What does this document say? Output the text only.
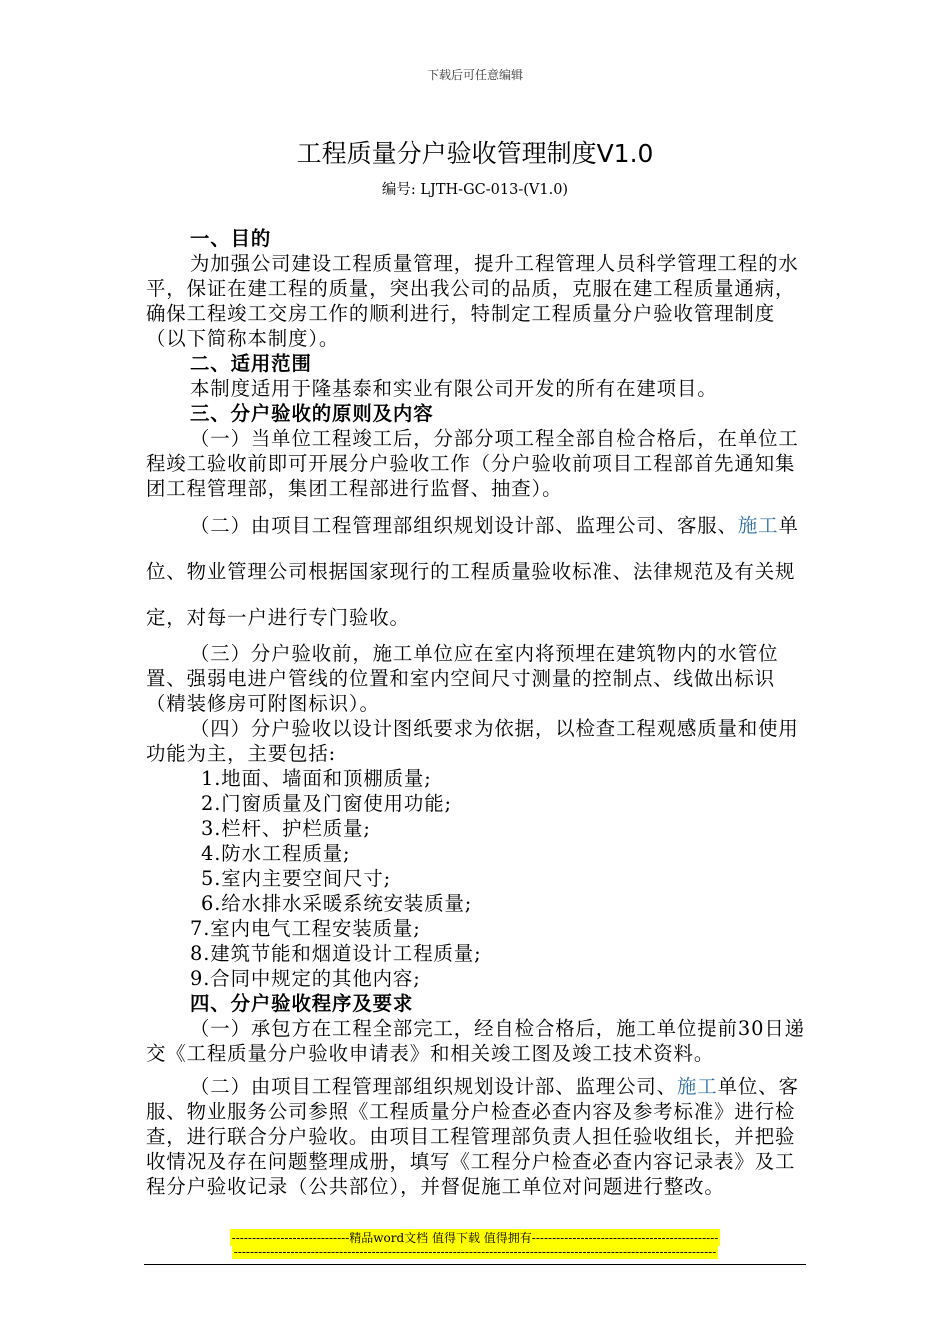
下载后可任意编辑
工程质量分户验收管理制度V1.0
编号: LJTH-GC-013-(V1.0)

一、目的

为加强公司建设工程质量管理，提升工程管理人员科学管理工程的水平，保证在建工程的质量，突出我公司的品质，克服在建工程质量通病，确保工程竣工交房工作的顺利进行，特制定工程质量分户验收管理制度（以下简称本制度）。

二、适用范围

本制度适用于隆基泰和实业有限公司开发的所有在建项目。

三、分户验收的原则及内容

（一）当单位工程竣工后，分部分项工程全部自检合格后，在单位工程竣工验收前即可开展分户验收工作（分户验收前项目工程部首先通知集团工程管理部，集团工程部进行监督、抽查）。

（二）由项目工程管理部组织规划设计部、监理公司、客服、施工单位、物业管理公司根据国家现行的工程质量验收标准、法律规范及有关规定，对每一户进行专门验收。

（三）分户验收前，施工单位应在室内将预埋在建筑物内的水管位置、强弱电进户管线的位置和室内空间尺寸测量的控制点、线做出标识（精装修房可附图标识）。

（四）分户验收以设计图纸要求为依据，以检查工程观感质量和使用功能为主，主要包括:

1.地面、墙面和顶棚质量;

2.门窗质量及门窗使用功能;

3.栏杆、护栏质量;

4.防水工程质量;

5.室内主要空间尺寸;

6.给水排水采暖系统安装质量;

7.室内电气工程安装质量;

8.建筑节能和烟道设计工程质量;

9.合同中规定的其他内容;

四、分户验收程序及要求

（一）承包方在工程全部完工，经自检合格后，施工单位提前30日递交《工程质量分户验收申请表》和相关竣工图及竣工技术资料。

（二）由项目工程管理部组织规划设计部、监理公司、施工单位、客服、物业服务公司参照《工程质量分户检查必查内容及参考标准》进行检查，进行联合分户验收。由项目工程管理部负责人担任验收组长，并把验收情况及存在问题整理成册，填写《工程分户检查必查内容记录表》及工程分户验收记录（公共部位），并督促施工单位对问题进行整改。

-----------------------------精品word文档 值得下载 值得拥有----------------------------------------------
-----------------------------------------------------------------------------------------------------------------------
